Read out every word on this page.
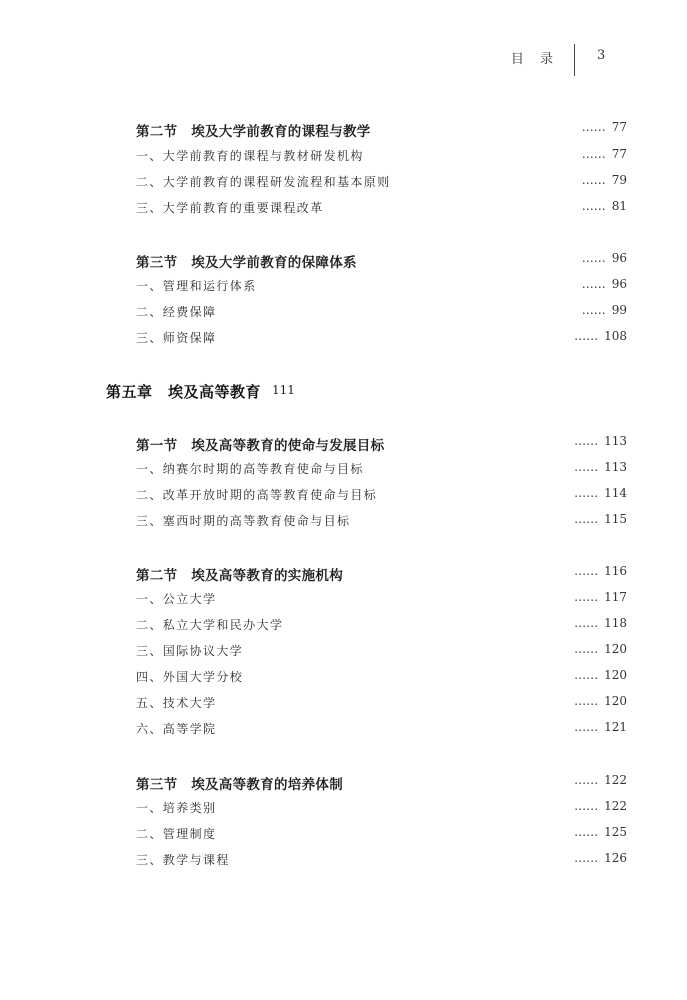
目 录	3
第二节　埃及大学前教育的课程与教学	…… 77
一、大学前教育的课程与教材研发机构	…… 77
二、大学前教育的课程研发流程和基本原则	…… 79
三、大学前教育的重要课程改革	…… 81
第三节　埃及大学前教育的保障体系	…… 96
一、管理和运行体系	…… 96
二、经费保障	…… 99
三、师资保障	…… 108
第五章　埃及高等教育 111
第一节　埃及高等教育的使命与发展目标	…… 113
一、纳赛尔时期的高等教育使命与目标	…… 113
二、改革开放时期的高等教育使命与目标	…… 114
三、塞西时期的高等教育使命与目标	…… 115
第二节　埃及高等教育的实施机构	…… 116
一、公立大学	…… 117
二、私立大学和民办大学	…… 118
三、国际协议大学	…… 120
四、外国大学分校	…… 120
五、技术大学	…… 120
六、高等学院	…… 121
第三节　埃及高等教育的培养体制	…… 122
一、培养类别	…… 122
二、管理制度	…… 125
三、教学与课程	…… 126
